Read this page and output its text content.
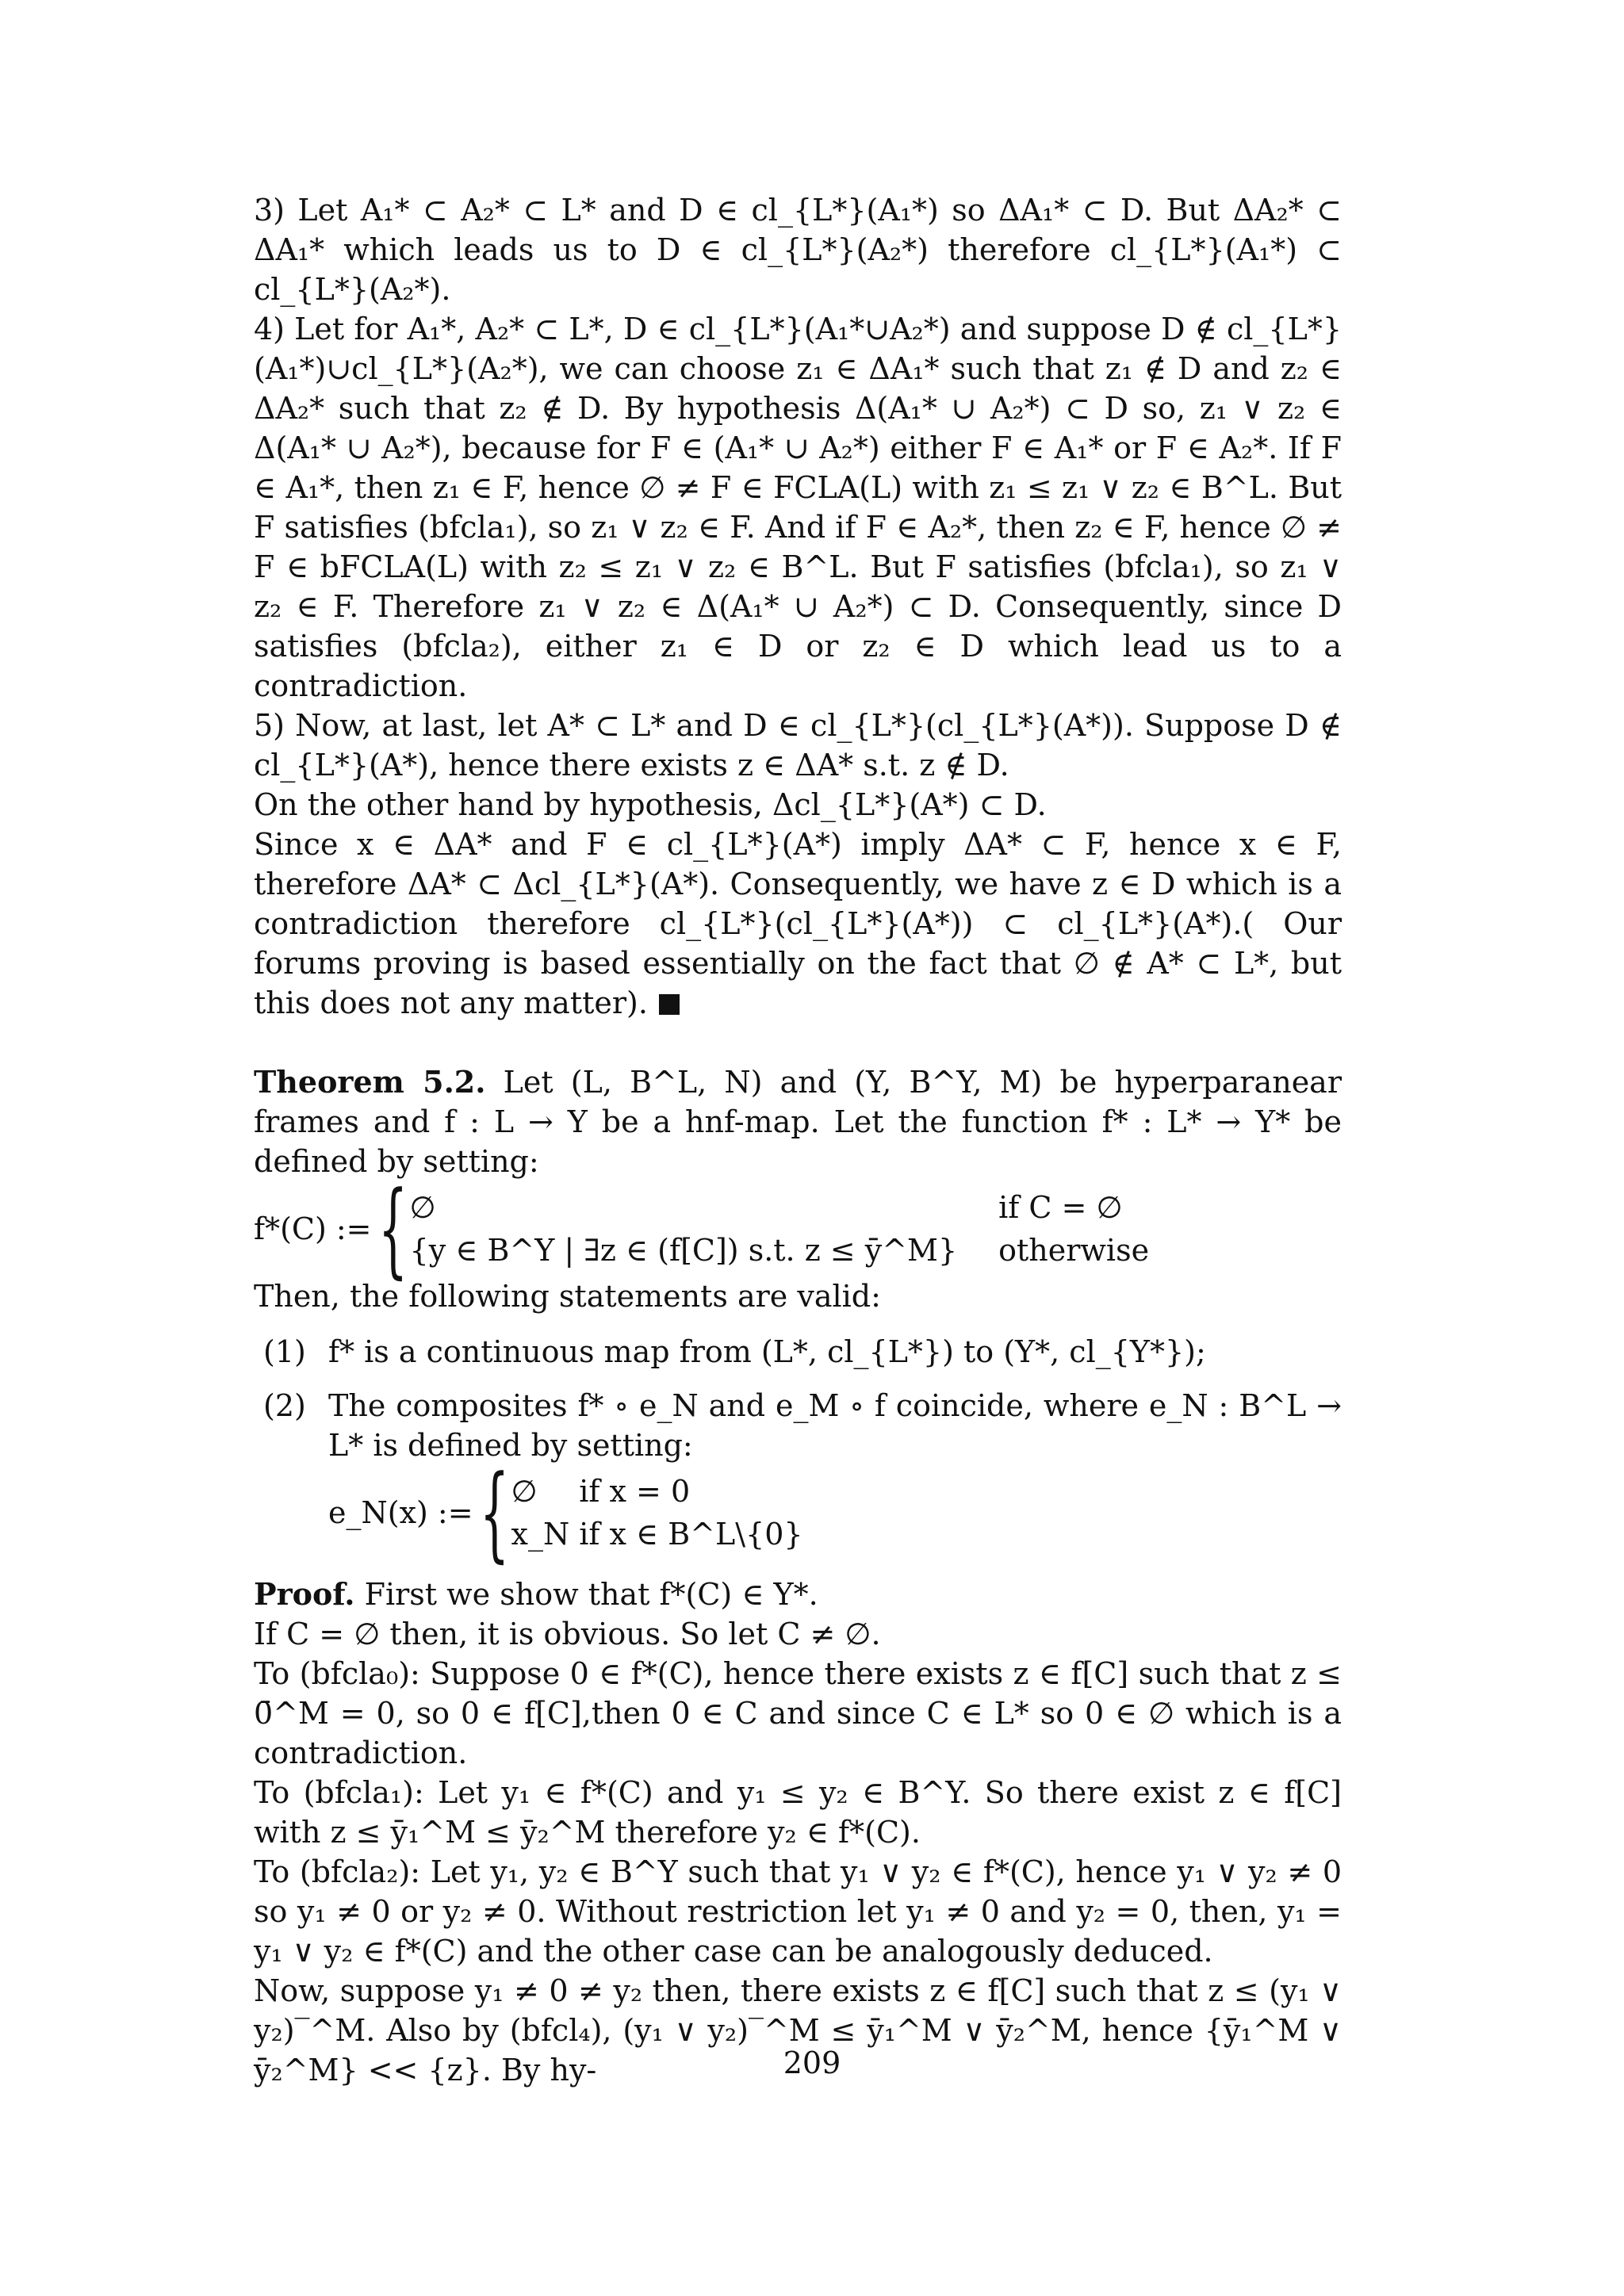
3) Let A₁* ⊂ A₂* ⊂ L* and D ∈ cl_{L*}(A₁*) so ΔA₁* ⊂ D. But ΔA₂* ⊂ ΔA₁* which leads us to D ∈ cl_{L*}(A₂*) therefore cl_{L*}(A₁*) ⊂ cl_{L*}(A₂*).

4) Let for A₁*, A₂* ⊂ L*, D ∈ cl_{L*}(A₁*∪A₂*) and suppose D ∉ cl_{L*}(A₁*)∪cl_{L*}(A₂*), we can choose z₁ ∈ ΔA₁* such that z₁ ∉ D and z₂ ∈ ΔA₂* such that z₂ ∉ D. By hypothesis Δ(A₁* ∪ A₂*) ⊂ D so, z₁ ∨ z₂ ∈ Δ(A₁* ∪ A₂*), because for F ∈ (A₁* ∪ A₂*) either F ∈ A₁* or F ∈ A₂*. If F ∈ A₁*, then z₁ ∈ F, hence ∅ ≠ F ∈ FCLA(L) with z₁ ≤ z₁ ∨ z₂ ∈ B^L. But F satisfies (bfcla₁), so z₁ ∨ z₂ ∈ F. And if F ∈ A₂*, then z₂ ∈ F, hence ∅ ≠ F ∈ bFCLA(L) with z₂ ≤ z₁ ∨ z₂ ∈ B^L. But F satisfies (bfcla₁), so z₁ ∨ z₂ ∈ F. Therefore z₁ ∨ z₂ ∈ Δ(A₁* ∪ A₂*) ⊂ D. Consequently, since D satisfies (bfcla₂), either z₁ ∈ D or z₂ ∈ D which lead us to a contradiction.

5) Now, at last, let A* ⊂ L* and D ∈ cl_{L*}(cl_{L*}(A*)). Suppose D ∉ cl_{L*}(A*), hence there exists z ∈ ΔA* s.t. z ∉ D.

On the other hand by hypothesis, Δcl_{L*}(A*) ⊂ D.

Since x ∈ ΔA* and F ∈ cl_{L*}(A*) imply ΔA* ⊂ F, hence x ∈ F, therefore ΔA* ⊂ Δcl_{L*}(A*). Consequently, we have z ∈ D which is a contradiction therefore cl_{L*}(cl_{L*}(A*)) ⊂ cl_{L*}(A*).( Our forums proving is based essentially on the fact that ∅ ∉ A* ⊂ L*, but this does not any matter).

Theorem 5.2. Let (L, B^L, N) and (Y, B^Y, M) be hyperparanear frames and f : L → Y be a hnf-map. Let the function f* : L* → Y* be defined by setting:

f*(C) := { ∅	if C = ∅
{y ∈ B^Y | ∃z ∈ (f[C]) s.t. z ≤ ȳ^M}	otherwise

Then, the following statements are valid:

(1) f* is a continuous map from (L*, cl_{L*}) to (Y*, cl_{Y*});
(2) The composites f* ∘ e_N and e_M ∘ f coincide, where e_N : B^L → L* is defined by setting:
e_N(x) := { ∅	if x = 0
x_N	if x ∈ B^L\{0}

Proof. First we show that f*(C) ∈ Y*.

If C = ∅ then, it is obvious. So let C ≠ ∅.

To (bfcla₀): Suppose 0 ∈ f*(C), hence there exists z ∈ f[C] such that z ≤ 0̄^M = 0, so 0 ∈ f[C],then 0 ∈ C and since C ∈ L* so 0 ∈ ∅ which is a contradiction.

To (bfcla₁): Let y₁ ∈ f*(C) and y₁ ≤ y₂ ∈ B^Y. So there exist z ∈ f[C] with z ≤ ȳ₁^M ≤ ȳ₂^M therefore y₂ ∈ f*(C).

To (bfcla₂): Let y₁, y₂ ∈ B^Y such that y₁ ∨ y₂ ∈ f*(C), hence y₁ ∨ y₂ ≠ 0 so y₁ ≠ 0 or y₂ ≠ 0. Without restriction let y₁ ≠ 0 and y₂ = 0, then, y₁ = y₁ ∨ y₂ ∈ f*(C) and the other case can be analogously deduced.

Now, suppose y₁ ≠ 0 ≠ y₂ then, there exists z ∈ f[C] such that z ≤ (y₁ ∨ y₂)‾^M. Also by (bfcl₄), (y₁ ∨ y₂)‾^M ≤ ȳ₁^M ∨ ȳ₂^M, hence {ȳ₁^M ∨ ȳ₂^M} << {z}. By hy-	209
